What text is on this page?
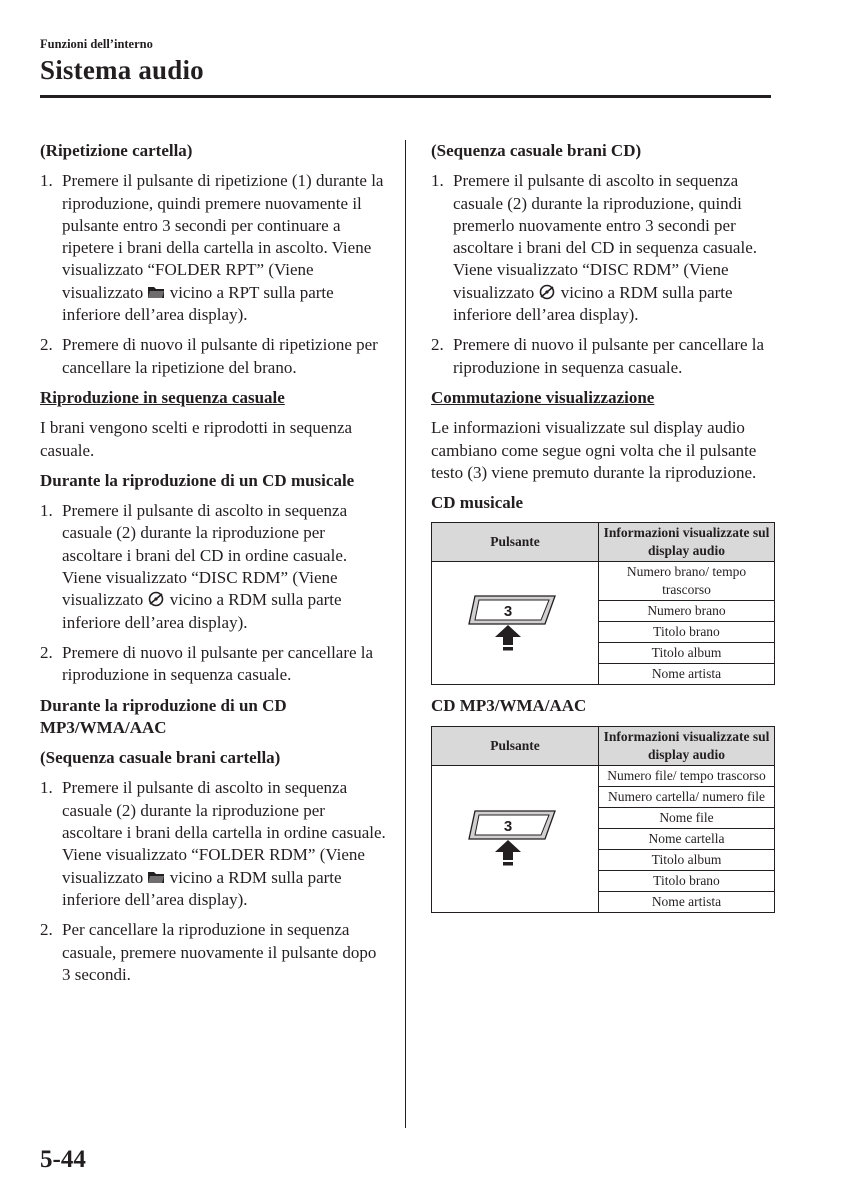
Funzioni dell’interno
Sistema audio
(Ripetizione cartella)
1. Premere il pulsante di ripetizione (1) durante la riproduzione, quindi premere nuovamente il pulsante entro 3 secondi per continuare a ripetere i brani della cartella in ascolto. Viene visualizzato “FOLDER RPT” (Viene visualizzato  vicino a RPT sulla parte inferiore dell’area display).
2. Premere di nuovo il pulsante di ripetizione per cancellare la ripetizione del brano.
Riproduzione in sequenza casuale

I brani vengono scelti e riprodotti in sequenza casuale.

Durante la riproduzione di un CD musicale
1. Premere il pulsante di ascolto in sequenza casuale (2) durante la riproduzione per ascoltare i brani del CD in ordine casuale. Viene visualizzato “DISC RDM” (Viene visualizzato  vicino a RDM sulla parte inferiore dell’area display).
2. Premere di nuovo il pulsante per cancellare la riproduzione in sequenza casuale.
Durante la riproduzione di un CD MP3/WMA/AAC
(Sequenza casuale brani cartella)
1. Premere il pulsante di ascolto in sequenza casuale (2) durante la riproduzione per ascoltare i brani della cartella in ordine casuale. Viene visualizzato “FOLDER RDM” (Viene visualizzato  vicino a RDM sulla parte inferiore dell’area display).
2. Per cancellare la riproduzione in sequenza casuale, premere nuovamente il pulsante dopo 3 secondi.
(Sequenza casuale brani CD)
1. Premere il pulsante di ascolto in sequenza casuale (2) durante la riproduzione, quindi premerlo nuovamente entro 3 secondi per ascoltare i brani del CD in sequenza casuale. Viene visualizzato “DISC RDM” (Viene visualizzato  vicino a RDM sulla parte inferiore dell’area display).
2. Premere di nuovo il pulsante per cancellare la riproduzione in sequenza casuale.
Commutazione visualizzazione

Le informazioni visualizzate sul display audio cambiano come segue ogni volta che il pulsante testo (3) viene premuto durante la riproduzione.

CD musicale
Pulsante	Informazioni visualizzate sul display audio

3	Numero brano/ tempo trascorso
	Numero brano
	Titolo brano
	Titolo album
	Nome artista
CD MP3/WMA/AAC
Pulsante	Informazioni visualizzate sul display audio

3	Numero file/ tempo trascorso
	Numero cartella/ numero file
	Nome file
	Nome cartella
	Titolo album
	Titolo brano
	Nome artista
5-44
